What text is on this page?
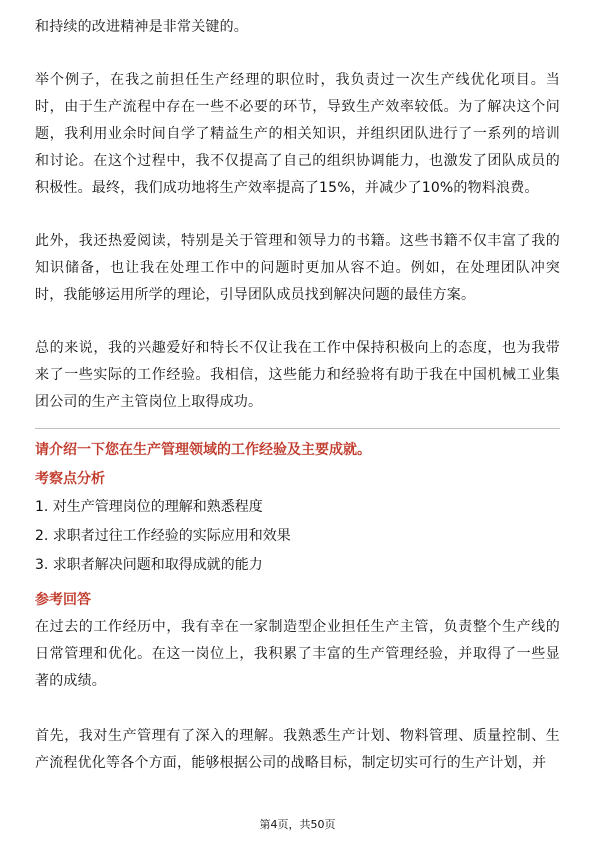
和持续的改进精神是非常关键的。

举个例子，在我之前担任生产经理的职位时，我负责过一次生产线优化项目。当时，由于生产流程中存在一些不必要的环节，导致生产效率较低。为了解决这个问题，我利用业余时间自学了精益生产的相关知识，并组织团队进行了一系列的培训和讨论。在这个过程中，我不仅提高了自己的组织协调能力，也激发了团队成员的积极性。最终，我们成功地将生产效率提高了15%，并减少了10%的物料浪费。

此外，我还热爱阅读，特别是关于管理和领导力的书籍。这些书籍不仅丰富了我的知识储备，也让我在处理工作中的问题时更加从容不迫。例如，在处理团队冲突时，我能够运用所学的理论，引导团队成员找到解决问题的最佳方案。

总的来说，我的兴趣爱好和特长不仅让我在工作中保持积极向上的态度，也为我带来了一些实际的工作经验。我相信，这些能力和经验将有助于我在中国机械工业集团公司的生产主管岗位上取得成功。

请介绍一下您在生产管理领域的工作经验及主要成就。

考察点分析
1. 对生产管理岗位的理解和熟悉程度
2. 求职者过往工作经验的实际应用和效果
3. 求职者解决问题和取得成就的能力
参考回答

在过去的工作经历中，我有幸在一家制造型企业担任生产主管，负责整个生产线的日常管理和优化。在这一岗位上，我积累了丰富的生产管理经验，并取得了一些显著的成绩。

首先，我对生产管理有了深入的理解。我熟悉生产计划、物料管理、质量控制、生产流程优化等各个方面，能够根据公司的战略目标，制定切实可行的生产计划，并

第4页，共50页
